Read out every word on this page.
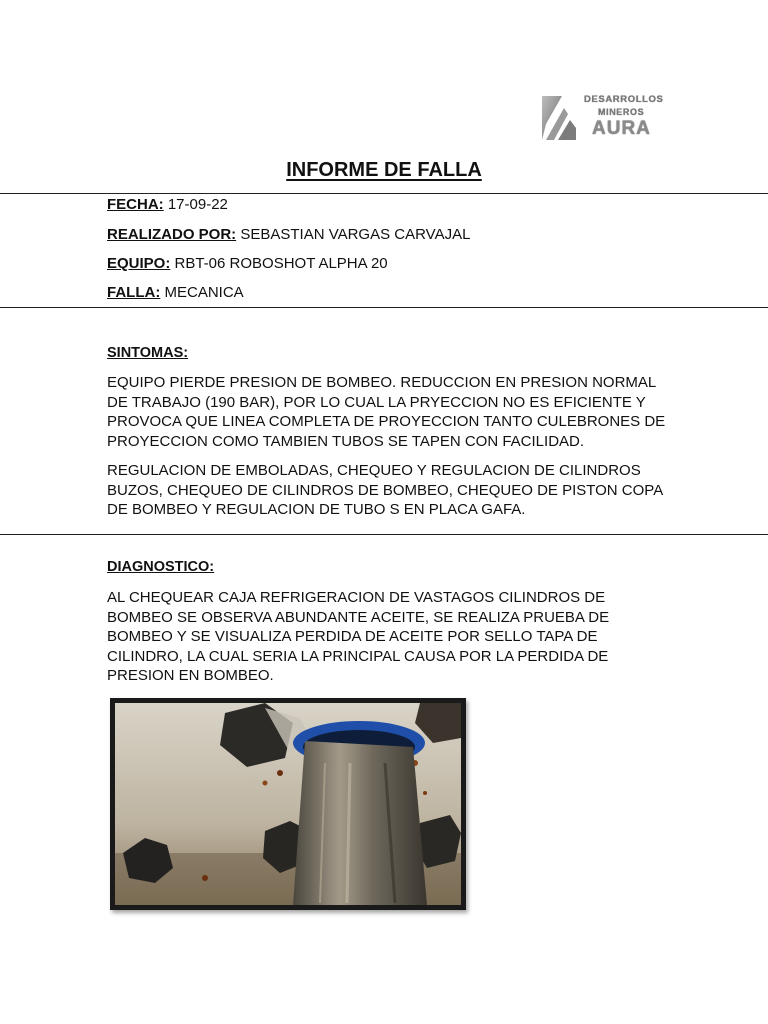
DESARROLLOS
MINEROS
AURA
INFORME DE FALLA
FECHA: 17-09-22
REALIZADO POR: SEBASTIAN VARGAS CARVAJAL
EQUIPO: RBT-06 ROBOSHOT ALPHA 20
FALLA: MECANICA
SINTOMAS:
EQUIPO PIERDE PRESION DE BOMBEO. REDUCCION EN PRESION NORMAL DE TRABAJO (190 BAR), POR LO CUAL LA PRYECCION NO ES EFICIENTE Y PROVOCA QUE LINEA COMPLETA DE PROYECCION TANTO CULEBRONES DE PROYECCION COMO TAMBIEN TUBOS SE TAPEN CON FACILIDAD.
REGULACION DE EMBOLADAS, CHEQUEO Y REGULACION DE CILINDROS BUZOS, CHEQUEO DE CILINDROS DE BOMBEO, CHEQUEO DE PISTON COPA DE BOMBEO Y REGULACION DE TUBO S EN PLACA GAFA.
DIAGNOSTICO:
AL CHEQUEAR CAJA REFRIGERACION DE VASTAGOS CILINDROS DE BOMBEO SE OBSERVA ABUNDANTE ACEITE, SE REALIZA PRUEBA DE BOMBEO Y SE VISUALIZA PERDIDA DE ACEITE POR SELLO TAPA DE CILINDRO, LA CUAL SERIA LA PRINCIPAL CAUSA POR LA PERDIDA DE PRESION EN BOMBEO.
